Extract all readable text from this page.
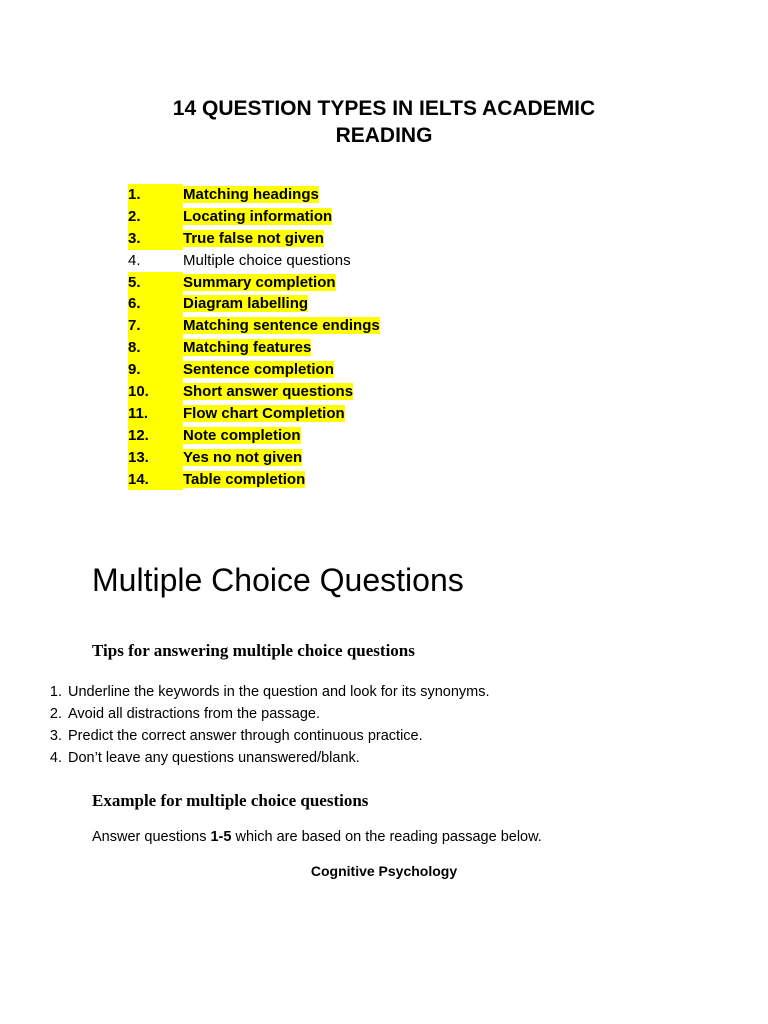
14 QUESTION TYPES IN IELTS ACADEMIC
READING
1.	Matching headings
2.	Locating information
3.	True false not given
4.	Multiple choice questions
5.	Summary completion
6.	Diagram labelling
7.	Matching sentence endings
8.	Matching features
9.	Sentence completion
10. Short answer questions
11. Flow chart Completion
12. Note completion
13. Yes no not given
14. Table completion
Multiple Choice Questions
Tips for answering multiple choice questions
1. Underline the keywords in the question and look for its synonyms.
2. Avoid all distractions from the passage.
3. Predict the correct answer through continuous practice.
4. Don’t leave any questions unanswered/blank.
Example for multiple choice questions

Answer questions 1-5 which are based on the reading passage below.

Cognitive Psychology
